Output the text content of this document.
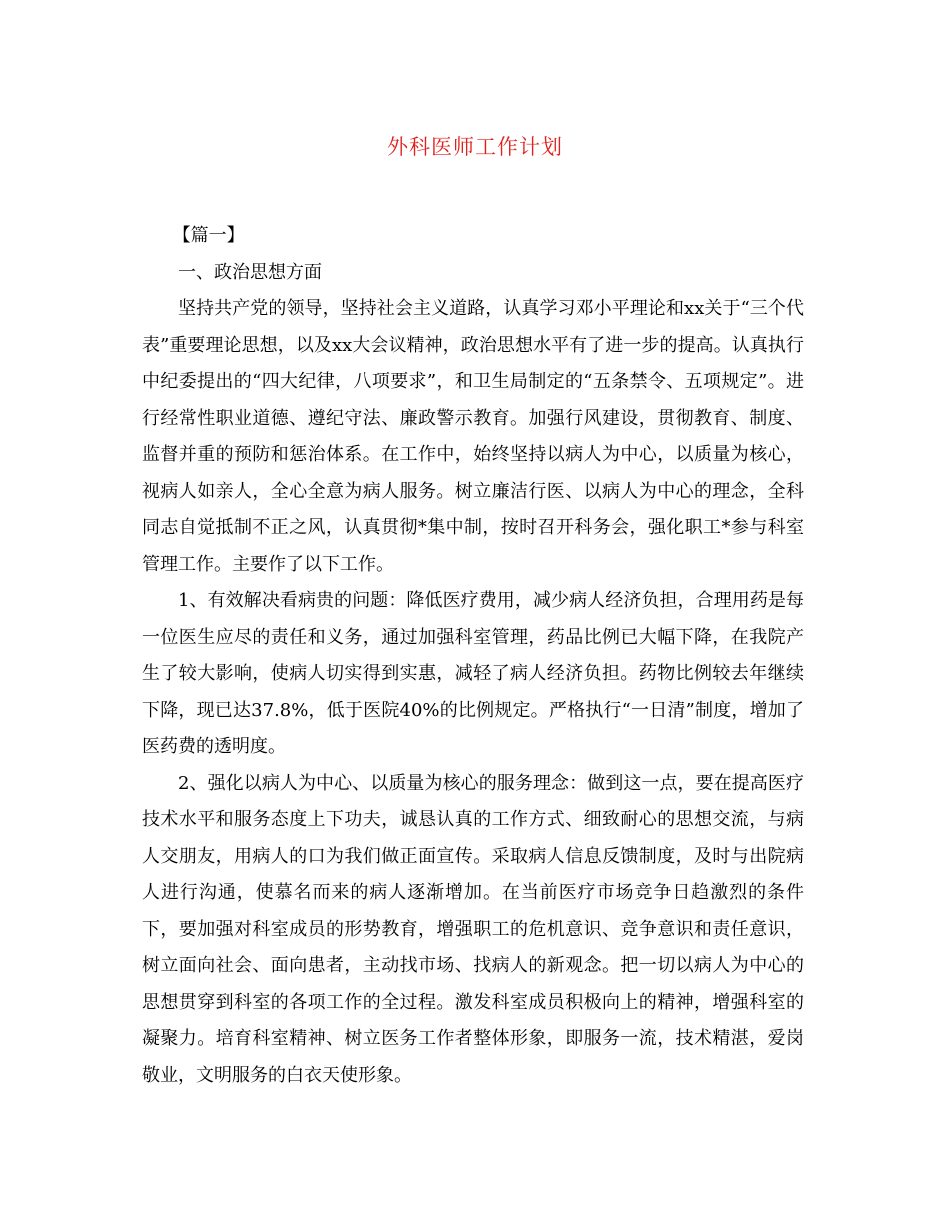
外科医师工作计划

【篇一】

一、政治思想方面

坚持共产党的领导，坚持社会主义道路，认真学习邓小平理论和xx关于“三个代表”重要理论思想，以及xx大会议精神，政治思想水平有了进一步的提高。认真执行中纪委提出的“四大纪律，八项要求”，和卫生局制定的“五条禁令、五项规定”。进行经常性职业道德、遵纪守法、廉政警示教育。加强行风建设，贯彻教育、制度、监督并重的预防和惩治体系。在工作中，始终坚持以病人为中心，以质量为核心，视病人如亲人，全心全意为病人服务。树立廉洁行医、以病人为中心的理念，全科同志自觉抵制不正之风，认真贯彻*集中制，按时召开科务会，强化职工*参与科室管理工作。主要作了以下工作。

1、有效解决看病贵的问题：降低医疗费用，减少病人经济负担，合理用药是每一位医生应尽的责任和义务，通过加强科室管理，药品比例已大幅下降，在我院产生了较大影响，使病人切实得到实惠，减轻了病人经济负担。药物比例较去年继续下降，现已达37.8%，低于医院40%的比例规定。严格执行“一日清”制度，增加了医药费的透明度。

2、强化以病人为中心、以质量为核心的服务理念：做到这一点，要在提高医疗技术水平和服务态度上下功夫，诚恳认真的工作方式、细致耐心的思想交流，与病人交朋友，用病人的口为我们做正面宣传。采取病人信息反馈制度，及时与出院病人进行沟通，使慕名而来的病人逐渐增加。在当前医疗市场竞争日趋激烈的条件下，要加强对科室成员的形势教育，增强职工的危机意识、竞争意识和责任意识，树立面向社会、面向患者，主动找市场、找病人的新观念。把一切以病人为中心的思想贯穿到科室的各项工作的全过程。激发科室成员积极向上的精神，增强科室的凝聚力。培育科室精神、树立医务工作者整体形象，即服务一流，技术精湛，爱岗敬业，文明服务的白衣天使形象。
